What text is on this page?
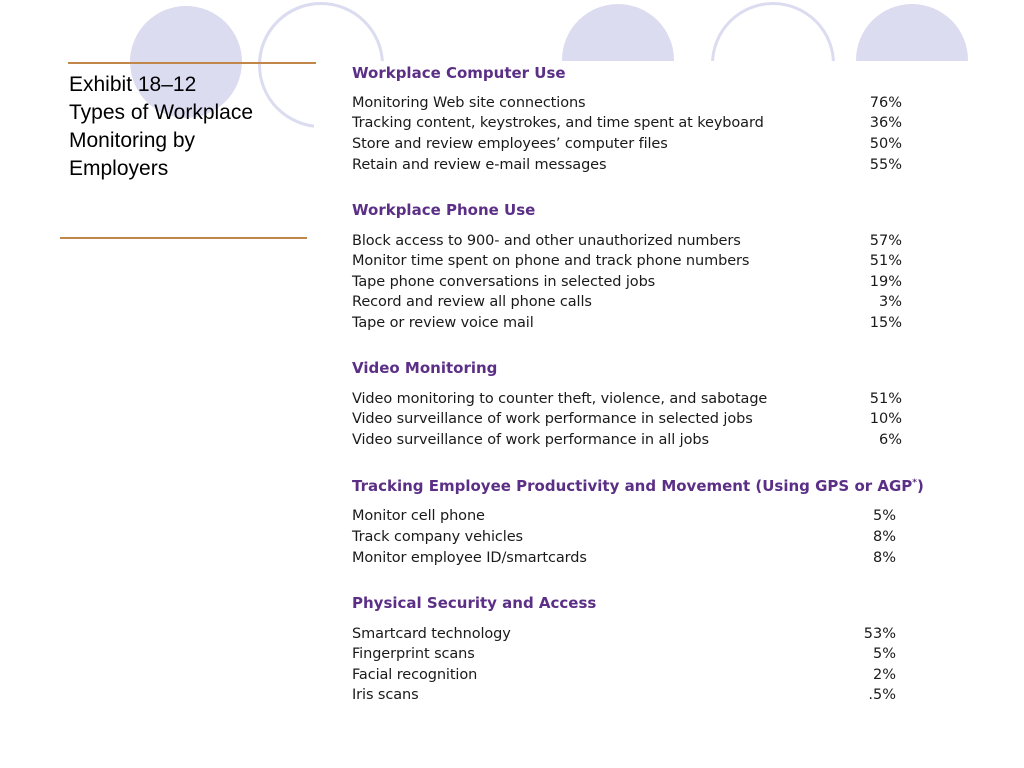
Exhibit 18–12
Types of Workplace
Monitoring by
Employers
Workplace Computer Use
Monitoring Web site connections	76%
Tracking content, keystrokes, and time spent at keyboard	36%
Store and review employees’ computer files	50%
Retain and review e-mail messages	55%
Workplace Phone Use
Block access to 900- and other unauthorized numbers	57%
Monitor time spent on phone and track phone numbers	51%
Tape phone conversations in selected jobs	19%
Record and review all phone calls	3%
Tape or review voice mail	15%
Video Monitoring
Video monitoring to counter theft, violence, and sabotage	51%
Video surveillance of work performance in selected jobs	10%
Video surveillance of work performance in all jobs	6%
Tracking Employee Productivity and Movement (Using GPS or AGP*)
Monitor cell phone	5%
Track company vehicles	8%
Monitor employee ID/smartcards	8%
Physical Security and Access
Smartcard technology	53%
Fingerprint scans	5%
Facial recognition	2%
Iris scans	.5%
